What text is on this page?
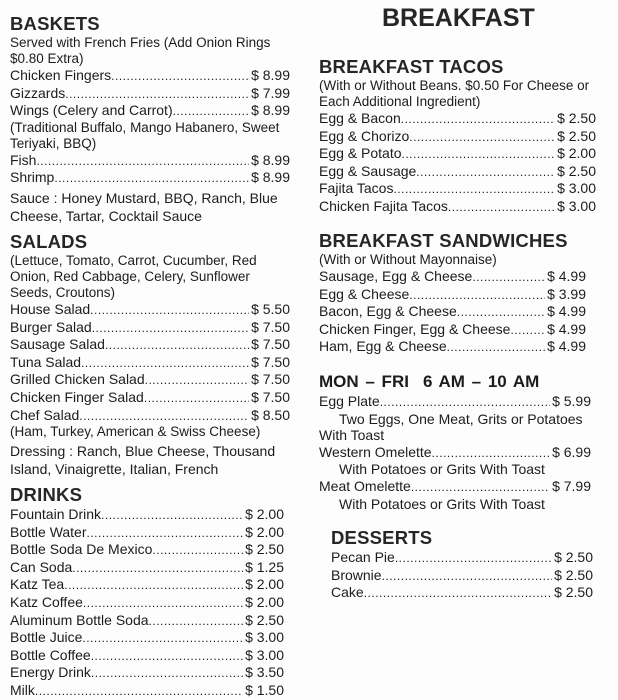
BREAKFAST
BASKETS
Served with French Fries (Add Onion Rings $0.80 Extra)
Chicken Fingers .....	$ 8.99
Gizzards .....	$ 7.99
Wings (Celery and Carrot) .....	$ 8.99
(Traditional Buffalo, Mango Habanero, Sweet Teriyaki, BBQ)
Fish .....	$ 8.99
Shrimp .....	$ 8.99
Sauce : Honey Mustard, BBQ, Ranch, Blue Cheese, Tartar, Cocktail Sauce
SALADS
(Lettuce, Tomato, Carrot, Cucumber, Red Onion, Red Cabbage, Celery, Sunflower Seeds, Croutons)
House Salad .....	$ 5.50
Burger Salad .....	$ 7.50
Sausage Salad .....	$ 7.50
Tuna Salad .....	$ 7.50
Grilled Chicken Salad .....	$ 7.50
Chicken Finger Salad .....	$ 7.50
Chef Salad .....	$ 8.50
(Ham, Turkey, American & Swiss Cheese)
Dressing : Ranch, Blue Cheese, Thousand Island, Vinaigrette, Italian, French
DRINKS
Fountain Drink .....	$ 2.00
Bottle Water .....	$ 2.00
Bottle Soda De Mexico .....	$ 2.50
Can Soda .....	$ 1.25
Katz Tea .....	$ 2.00
Katz Coffee .....	$ 2.00
Aluminum Bottle Soda .....	$ 2.50
Bottle Juice .....	$ 3.00
Bottle Coffee .....	$ 3.00
Energy Drink .....	$ 3.50
Milk .....	$ 1.50
BREAKFAST TACOS
(With or Without Beans. $0.50 For Cheese or Each Additional Ingredient)
Egg & Bacon .....	$ 2.50
Egg & Chorizo .....	$ 2.50
Egg & Potato .....	$ 2.00
Egg & Sausage .....	$ 2.50
Fajita Tacos .....	$ 3.00
Chicken Fajita Tacos .....	$ 3.00
BREAKFAST SANDWICHES
(With or Without Mayonnaise)
Sausage, Egg & Cheese .....	$ 4.99
Egg & Cheese .....	$ 3.99
Bacon, Egg & Cheese .....	$ 4.99
Chicken Finger, Egg & Cheese .....	$ 4.99
Ham, Egg & Cheese .....	$ 4.99
MON – FRI 6 AM – 10 AM
Egg Plate .....	$ 5.99
Two Eggs, One Meat, Grits or Potatoes
With Toast
Western Omelette .....	$ 6.99
With Potatoes or Grits With Toast
Meat Omelette .....	$ 7.99
With Potatoes or Grits With Toast
DESSERTS
Pecan Pie .....	$ 2.50
Brownie .....	$ 2.50
Cake .....	$ 2.50
